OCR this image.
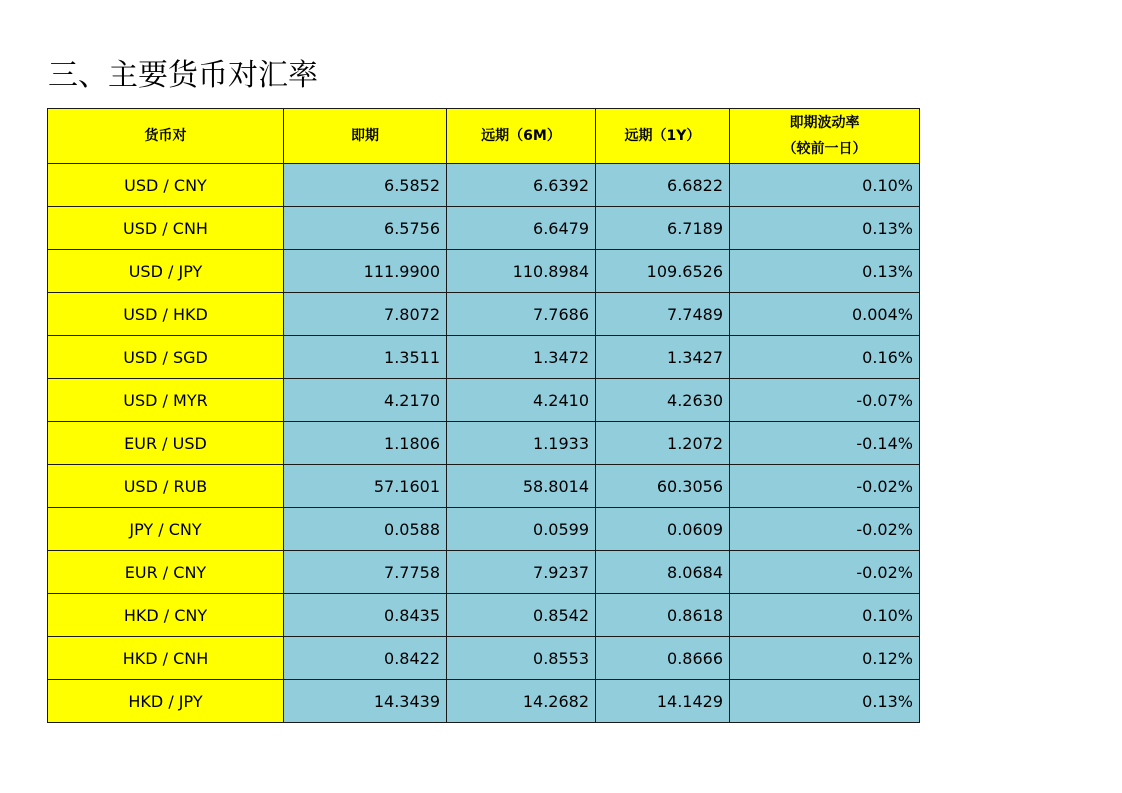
三、主要货币对汇率
货币对	即期	远期（6M）	远期（1Y）	即期波动率
（较前一日）

USD / CNY	6.5852	6.6392	6.6822	0.10%
USD / CNH	6.5756	6.6479	6.7189	0.13%
USD / JPY	111.9900	110.8984	109.6526	0.13%
USD / HKD	7.8072	7.7686	7.7489	0.004%
USD / SGD	1.3511	1.3472	1.3427	0.16%
USD / MYR	4.2170	4.2410	4.2630	-0.07%
EUR / USD	1.1806	1.1933	1.2072	-0.14%
USD / RUB	57.1601	58.8014	60.3056	-0.02%
JPY / CNY	0.0588	0.0599	0.0609	-0.02%
EUR / CNY	7.7758	7.9237	8.0684	-0.02%
HKD / CNY	0.8435	0.8542	0.8618	0.10%
HKD / CNH	0.8422	0.8553	0.8666	0.12%
HKD / JPY	14.3439	14.2682	14.1429	0.13%
